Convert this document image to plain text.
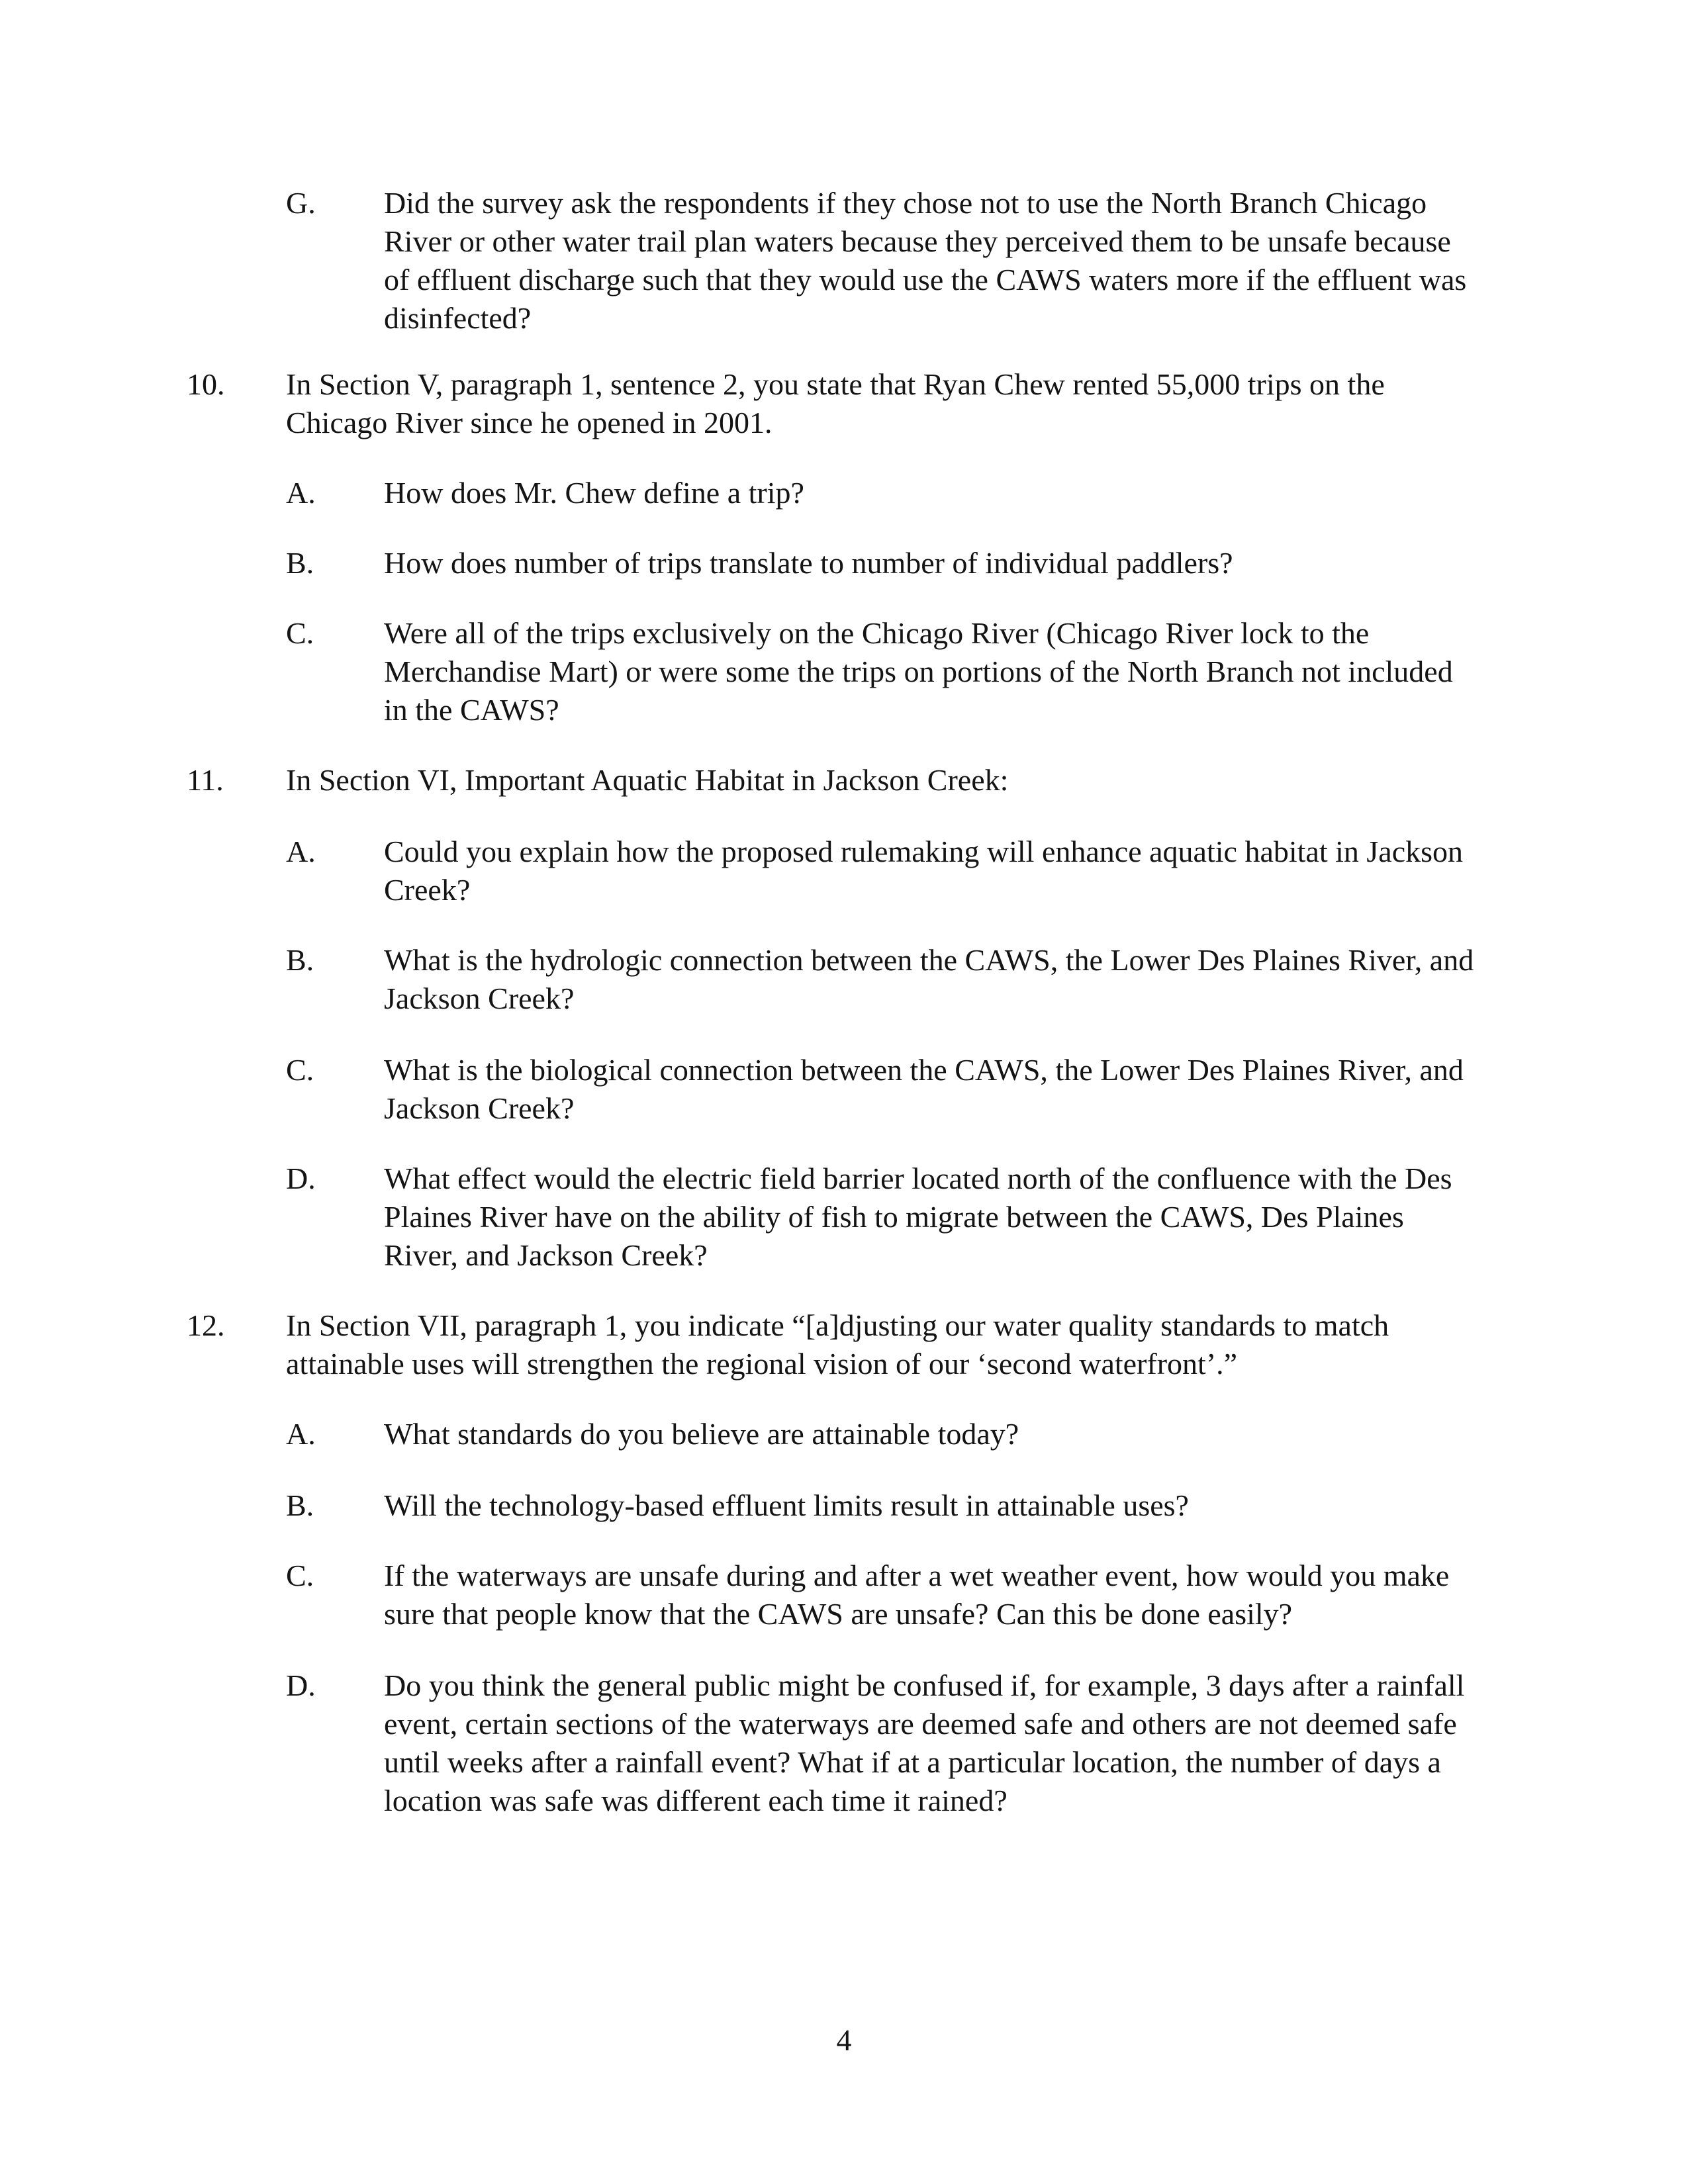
G. Did the survey ask the respondents if they chose not to use the North Branch Chicago River or other water trail plan waters because they perceived them to be unsafe because of effluent discharge such that they would use the CAWS waters more if the effluent was disinfected?

10. In Section V, paragraph 1, sentence 2, you state that Ryan Chew rented 55,000 trips on the Chicago River since he opened in 2001.

A. How does Mr. Chew define a trip?

B. How does number of trips translate to number of individual paddlers?

C. Were all of the trips exclusively on the Chicago River (Chicago River lock to the Merchandise Mart) or were some the trips on portions of the North Branch not included in the CAWS?

11. In Section VI, Important Aquatic Habitat in Jackson Creek:

A. Could you explain how the proposed rulemaking will enhance aquatic habitat in Jackson Creek?

B. What is the hydrologic connection between the CAWS, the Lower Des Plaines River, and Jackson Creek?

C. What is the biological connection between the CAWS, the Lower Des Plaines River, and Jackson Creek?

D. What effect would the electric field barrier located north of the confluence with the Des Plaines River have on the ability of fish to migrate between the CAWS, Des Plaines River, and Jackson Creek?

12. In Section VII, paragraph 1, you indicate “[a]djusting our water quality standards to match attainable uses will strengthen the regional vision of our ‘second waterfront’.”

A. What standards do you believe are attainable today?

B. Will the technology-based effluent limits result in attainable uses?

C. If the waterways are unsafe during and after a wet weather event, how would you make sure that people know that the CAWS are unsafe? Can this be done easily?

D. Do you think the general public might be confused if, for example, 3 days after a rainfall event, certain sections of the waterways are deemed safe and others are not deemed safe until weeks after a rainfall event? What if at a particular location, the number of days a location was safe was different each time it rained?

4
